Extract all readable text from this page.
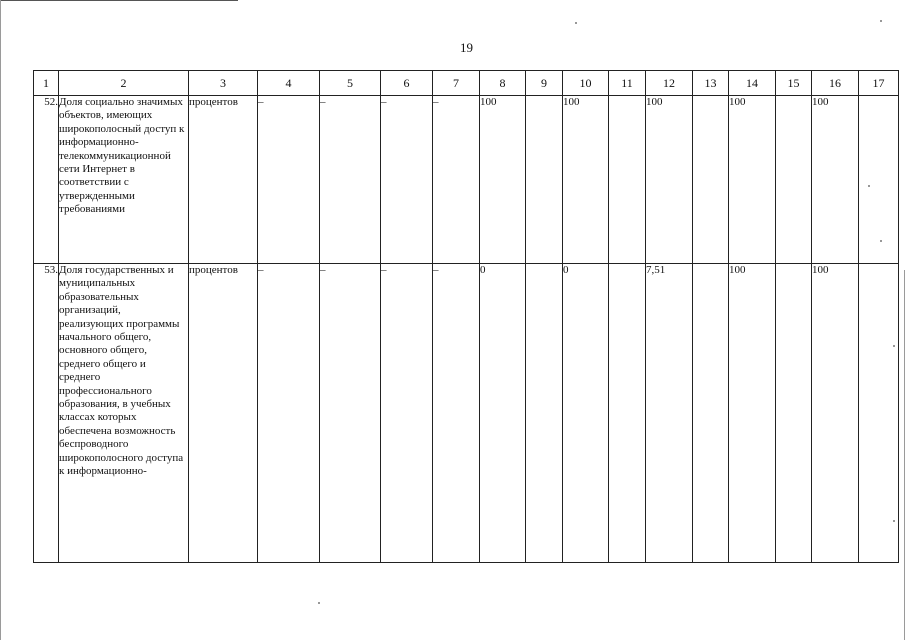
19
1	2	3	4	5	6	7	8	9	10	11	12	13	14	15	16	17
52.	Доля социально значимых объектов, имеющих широкополосный доступ к информационно-телекоммуникационной сети Интернет в соответствии с утвержденными требованиями	процентов	–	–	–	–	100		100		100		100		100	
53.	Доля государственных и муниципальных образовательных организаций, реализующих программы начального общего, основного общего, среднего общего и среднего профессионального образования, в учебных классах которых обеспечена возможность беспроводного широкополосного доступа к информационно-	процентов	–	–	–	–	0		0		7,51		100		100	
